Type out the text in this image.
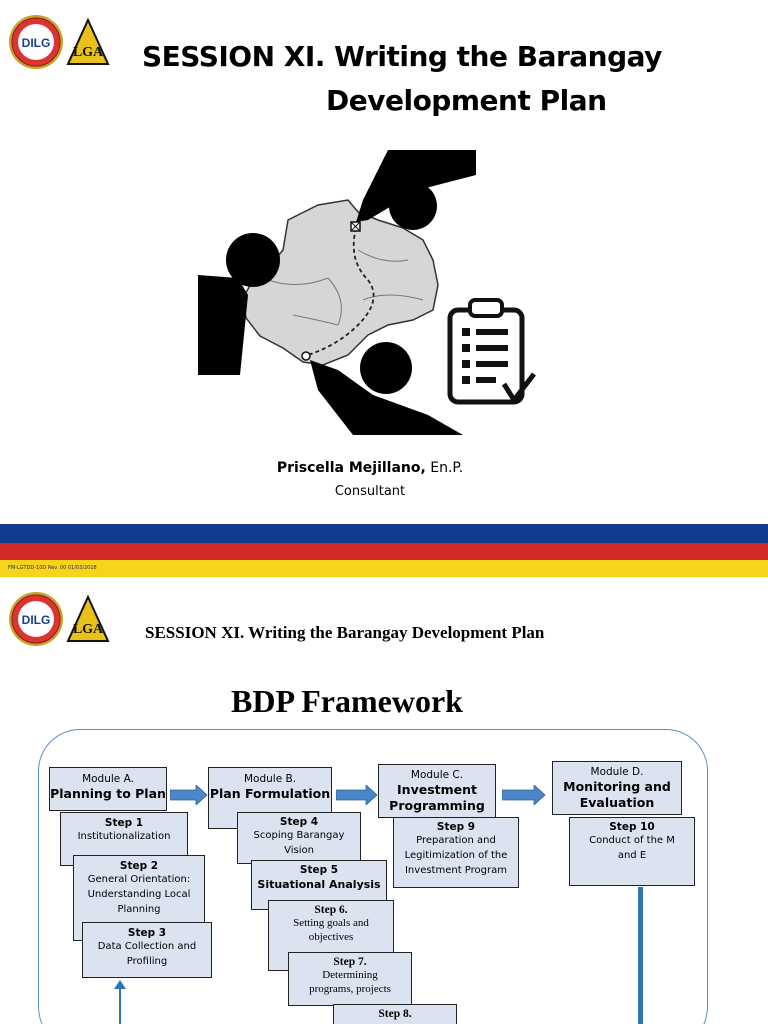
DILG
LGA SESSION XI. Writing the Barangay
Development Plan
Priscella Mejillano, En.P.
Consultant
FM-LGTDD-10D Rev. 00 01/03/2018
DILG
LGA SESSION XI. Writing the Barangay Development Plan
BDP Framework
Module A.
Planning to Plan
Module B.
Plan Formulation
Module C.
Investment
Programming
Module D.
Monitoring and
Evaluation
Step 1
Institutionalization
Step 2
General Orientation:
Understanding Local
Planning
Step 3
Data Collection and
Profiling
Step 4
Scoping Barangay
Vision
Step 5
Situational Analysis
Step 6.
Setting goals and
objectives
Step 7.
Determining
programs, projects
Step 8.
Step 9
Preparation and
Legitimization of the
Investment Program
Step 10
Conduct of the M
and E
